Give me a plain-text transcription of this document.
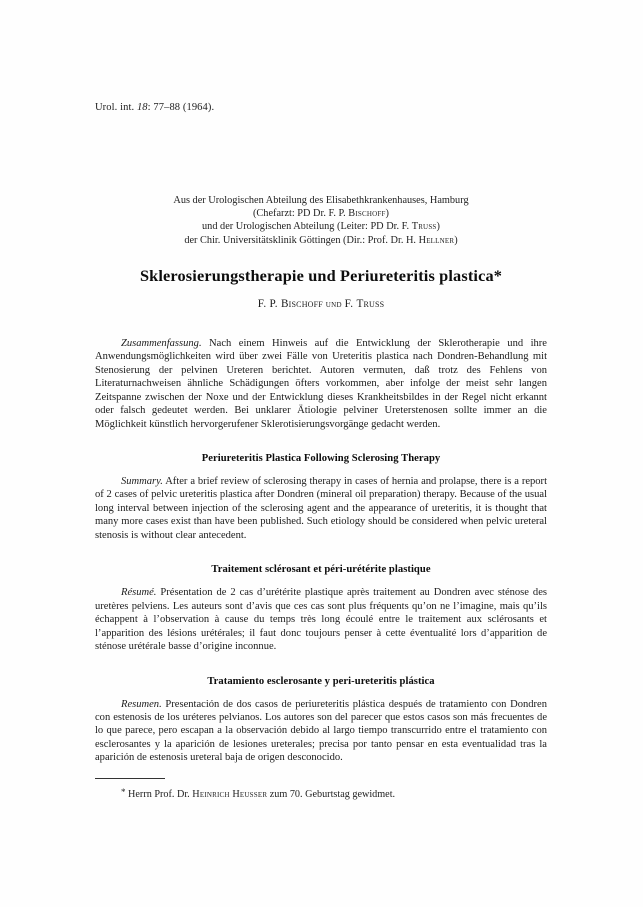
Urol. int. 18: 77–88 (1964).
Aus der Urologischen Abteilung des Elisabethkrankenhauses, Hamburg
(Chefarzt: PD Dr. F. P. Bischoff)
und der Urologischen Abteilung (Leiter: PD Dr. F. Truss)
der Chir. Universitätsklinik Göttingen (Dir.: Prof. Dr. H. Hellner)
Sklerosierungstherapie und Periureteritis plastica*
F. P. Bischoff und F. Truss

Zusammenfassung. Nach einem Hinweis auf die Entwicklung der Sklerotherapie und ihre Anwendungsmöglichkeiten wird über zwei Fälle von Ureteritis plastica nach Dondren-Behandlung mit Stenosierung der pelvinen Ureteren berichtet. Autoren vermuten, daß trotz des Fehlens von Literaturnachweisen ähnliche Schädigungen öfters vorkommen, aber infolge der meist sehr langen Zeitspanne zwischen der Noxe und der Entwicklung dieses Krankheitsbildes in der Regel nicht erkannt oder falsch gedeutet werden. Bei unklarer Ätiologie pelviner Ureterstenosen sollte immer an die Möglichkeit künstlich hervorgerufener Sklerotisierungsvorgänge gedacht werden.

Periureteritis Plastica Following Sclerosing Therapy

Summary. After a brief review of sclerosing therapy in cases of hernia and prolapse, there is a report of 2 cases of pelvic ureteritis plastica after Dondren (mineral oil preparation) therapy. Because of the usual long interval between injection of the sclerosing agent and the appearance of ureteritis, it is thought that many more cases exist than have been published. Such etiology should be considered when pelvic ureteral stenosis is without clear antecedent.

Traitement sclérosant et péri-urétérite plastique

Résumé. Présentation de 2 cas d’urétérite plastique après traitement au Dondren avec sténose des uretères pelviens. Les auteurs sont d’avis que ces cas sont plus fréquents qu’on ne l’imagine, mais qu’ils échappent à l’observation à cause du temps très long écoulé entre le traitement aux sclérosants et l’apparition des lésions urétérales; il faut donc toujours penser à cette éventualité lors d’apparition de sténose urétérale basse d’origine inconnue.

Tratamiento esclerosante y peri-ureteritis plástica

Resumen. Presentación de dos casos de periureteritis plástica después de tratamiento con Dondren con estenosis de los uréteres pelvianos. Los autores son del parecer que estos casos son más frecuentes de lo que parece, pero escapan a la observación debido al largo tiempo transcurrido entre el tratamiento con esclerosantes y la aparición de lesiones ureterales; precisa por tanto pensar en esta eventualidad tras la aparición de estenosis ureteral baja de origen desconocido.

* Herrn Prof. Dr. Heinrich Heusser zum 70. Geburtstag gewidmet.
